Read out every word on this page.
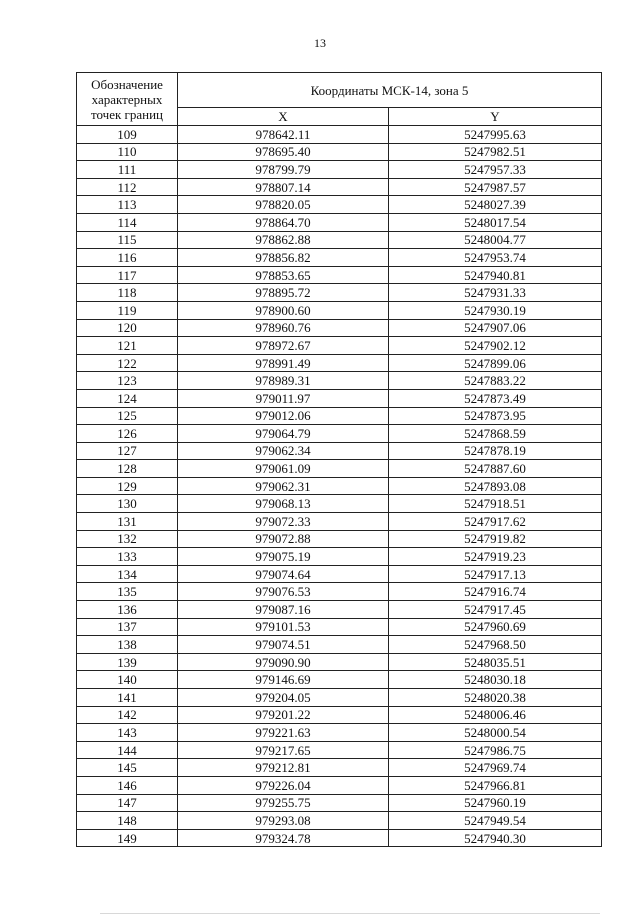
13
Обозначение характерных точек границ	Координаты МСК-14, зона 5	
	X	Y
109	978642.11	5247995.63
110	978695.40	5247982.51
111	978799.79	5247957.33
112	978807.14	5247987.57
113	978820.05	5248027.39
114	978864.70	5248017.54
115	978862.88	5248004.77
116	978856.82	5247953.74
117	978853.65	5247940.81
118	978895.72	5247931.33
119	978900.60	5247930.19
120	978960.76	5247907.06
121	978972.67	5247902.12
122	978991.49	5247899.06
123	978989.31	5247883.22
124	979011.97	5247873.49
125	979012.06	5247873.95
126	979064.79	5247868.59
127	979062.34	5247878.19
128	979061.09	5247887.60
129	979062.31	5247893.08
130	979068.13	5247918.51
131	979072.33	5247917.62
132	979072.88	5247919.82
133	979075.19	5247919.23
134	979074.64	5247917.13
135	979076.53	5247916.74
136	979087.16	5247917.45
137	979101.53	5247960.69
138	979074.51	5247968.50
139	979090.90	5248035.51
140	979146.69	5248030.18
141	979204.05	5248020.38
142	979201.22	5248006.46
143	979221.63	5248000.54
144	979217.65	5247986.75
145	979212.81	5247969.74
146	979226.04	5247966.81
147	979255.75	5247960.19
148	979293.08	5247949.54
149	979324.78	5247940.30
